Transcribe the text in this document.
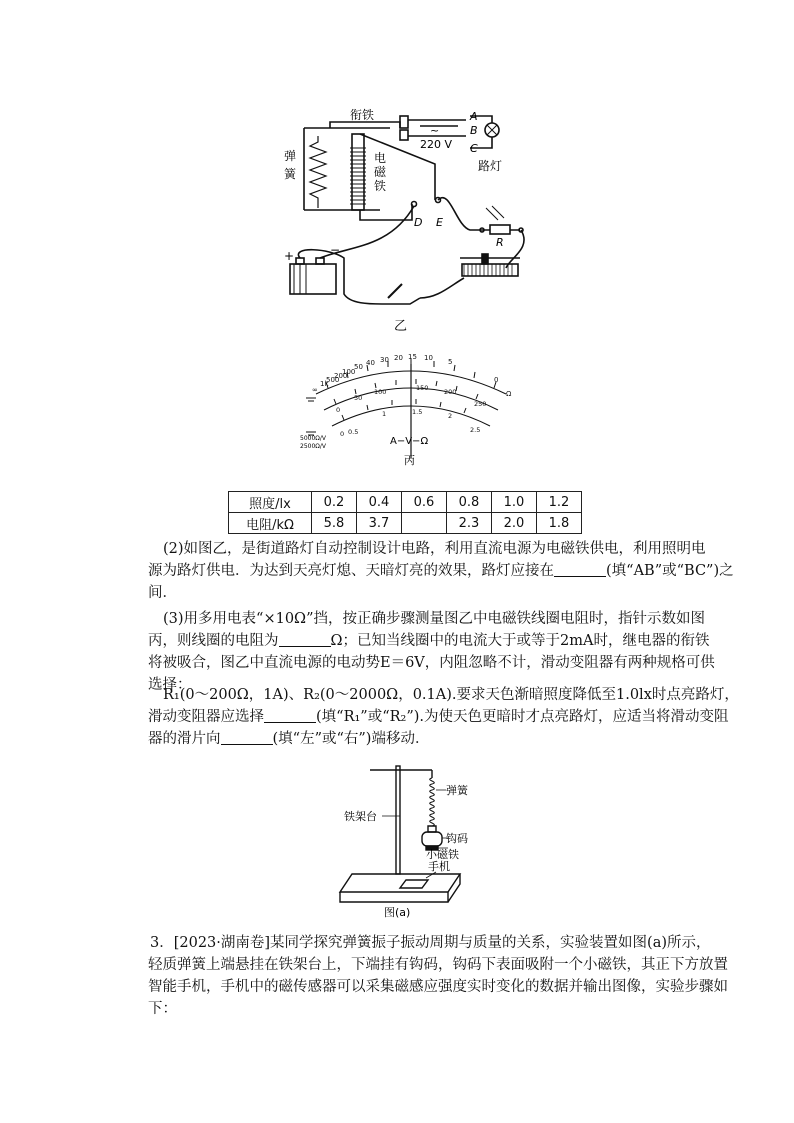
衔铁
弹
簧
电
磁
铁
A
B
C
~
220 V
路灯
D E
R
+	−
乙
∞
1k
500
200
100
50 40 30 20 15 10 5
0
Ω
0
50
100	150 200
250
0 0.5
1	1.5	2
2.5
5000Ω/V
2500Ω/V	A−V−Ω
丙
照度/lx	0.2	0.4	0.6	0.8	1.0	1.2
电阻/kΩ	5.8	3.7		2.3	2.0	1.8
(2)如图乙，是街道路灯自动控制设计电路，利用直流电源为电磁铁供电，利用照明电
源为路灯供电．为达到天亮灯熄、天暗灯亮的效果，路灯应接在	(填“AB”或“BC”)之
间．
(3)用多用电表“×10Ω”挡，按正确步骤测量图乙中电磁铁线圈电阻时，指针示数如图
丙，则线圈的电阻为	Ω；已知当线圈中的电流大于或等于2mA时，继电器的衔铁
将被吸合，图乙中直流电源的电动势E＝6V，内阻忽略不计，滑动变阻器有两种规格可供
选择：
R₁(0～200Ω，1A)、R₂(0～2000Ω，0.1A).要求天色渐暗照度降低至1.0lx时点亮路灯，
滑动变阻器应选择	(填“R₁”或“R₂”).为使天色更暗时才点亮路灯，应适当将滑动变阻
器的滑片向	(填“左”或“右”)端移动．
弹簧
铁架台
钩码
小磁铁
手机
图(a)
3．[2023·湖南卷]某同学探究弹簧振子振动周期与质量的关系，实验装置如图(a)所示，
轻质弹簧上端悬挂在铁架台上，下端挂有钩码，钩码下表面吸附一个小磁铁，其正下方放置
智能手机，手机中的磁传感器可以采集磁感应强度实时变化的数据并输出图像，实验步骤如
下：
